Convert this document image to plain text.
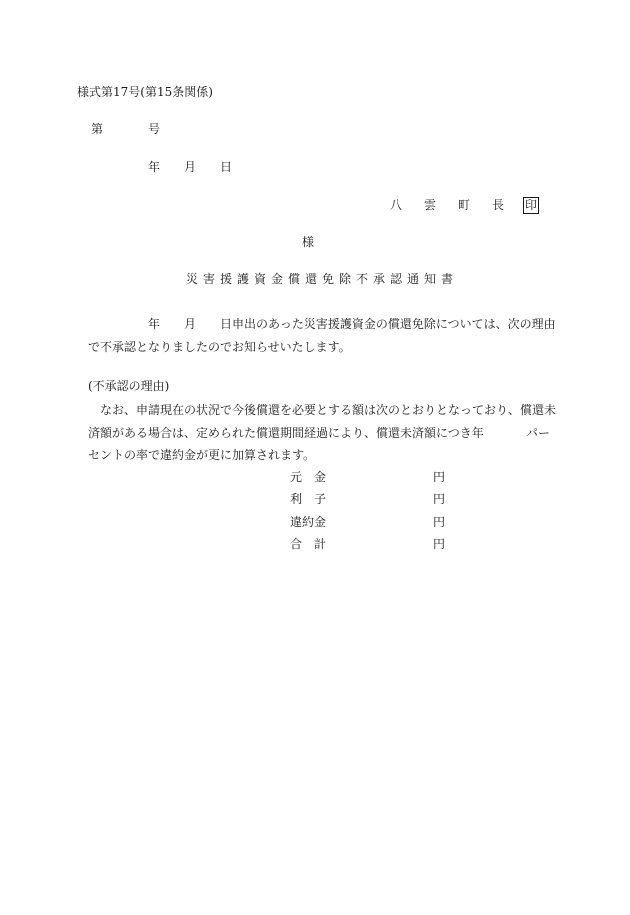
様式第17号(第15条関係)
第	号
年 月 日
八 雲 町 長 印
様
災 害 援 護 資 金 償 還 免 除 不 承 認 通 知 書
年 月 日申出のあった災害援護資金の償還免除については、次の理由
で不承認となりましたのでお知らせいたします。
(不承認の理由)
なお、申請現在の状況で今後償還を必要とする額は次のとおりとなっており、償還未
済額がある場合は、定められた償還期間経過により、償還未済額につき年	パー
セントの率で違約金が更に加算されます。
元　金	円
利　子	円
違約金	円
合　計	円
